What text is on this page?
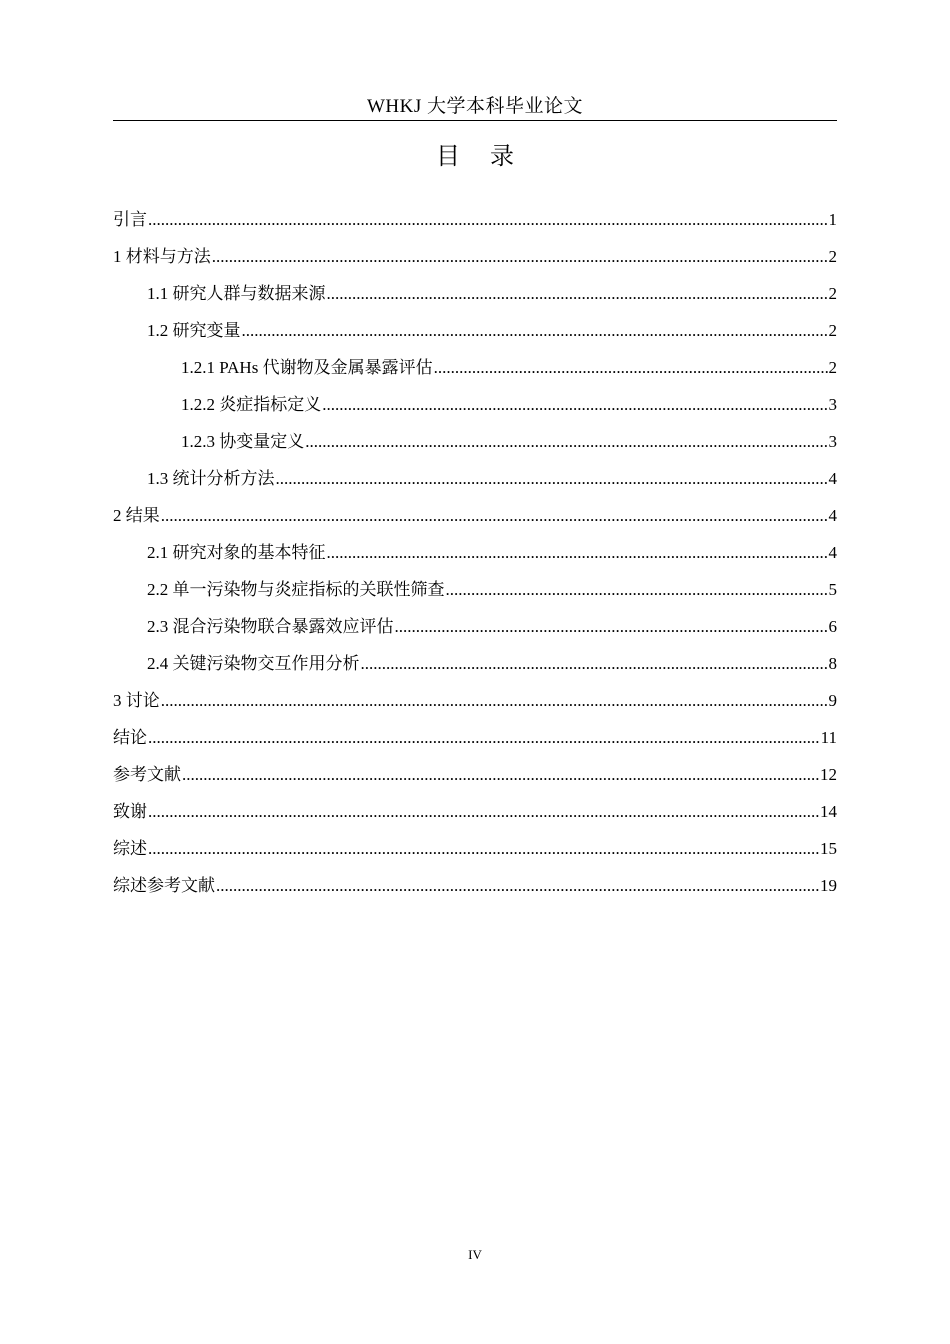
WHKJ 大学本科毕业论文
目录
引言 .....	1
1 材料与方法 .....	2
1.1 研究人群与数据来源 .....	2
1.2 研究变量 .....	2
1.2.1 PAHs 代谢物及金属暴露评估 .....	2
1.2.2 炎症指标定义 .....	3
1.2.3 协变量定义 .....	3
1.3 统计分析方法 .....	4
2 结果 .....	4
2.1 研究对象的基本特征 .....	4
2.2 单一污染物与炎症指标的关联性筛查 .....	5
2.3 混合污染物联合暴露效应评估 .....	6
2.4 关键污染物交互作用分析 .....	8
3 讨论 .....	9
结论 .....	11
参考文献 .....	12
致谢 .....	14
综述 .....	15
综述参考文献 .....	19
IV
